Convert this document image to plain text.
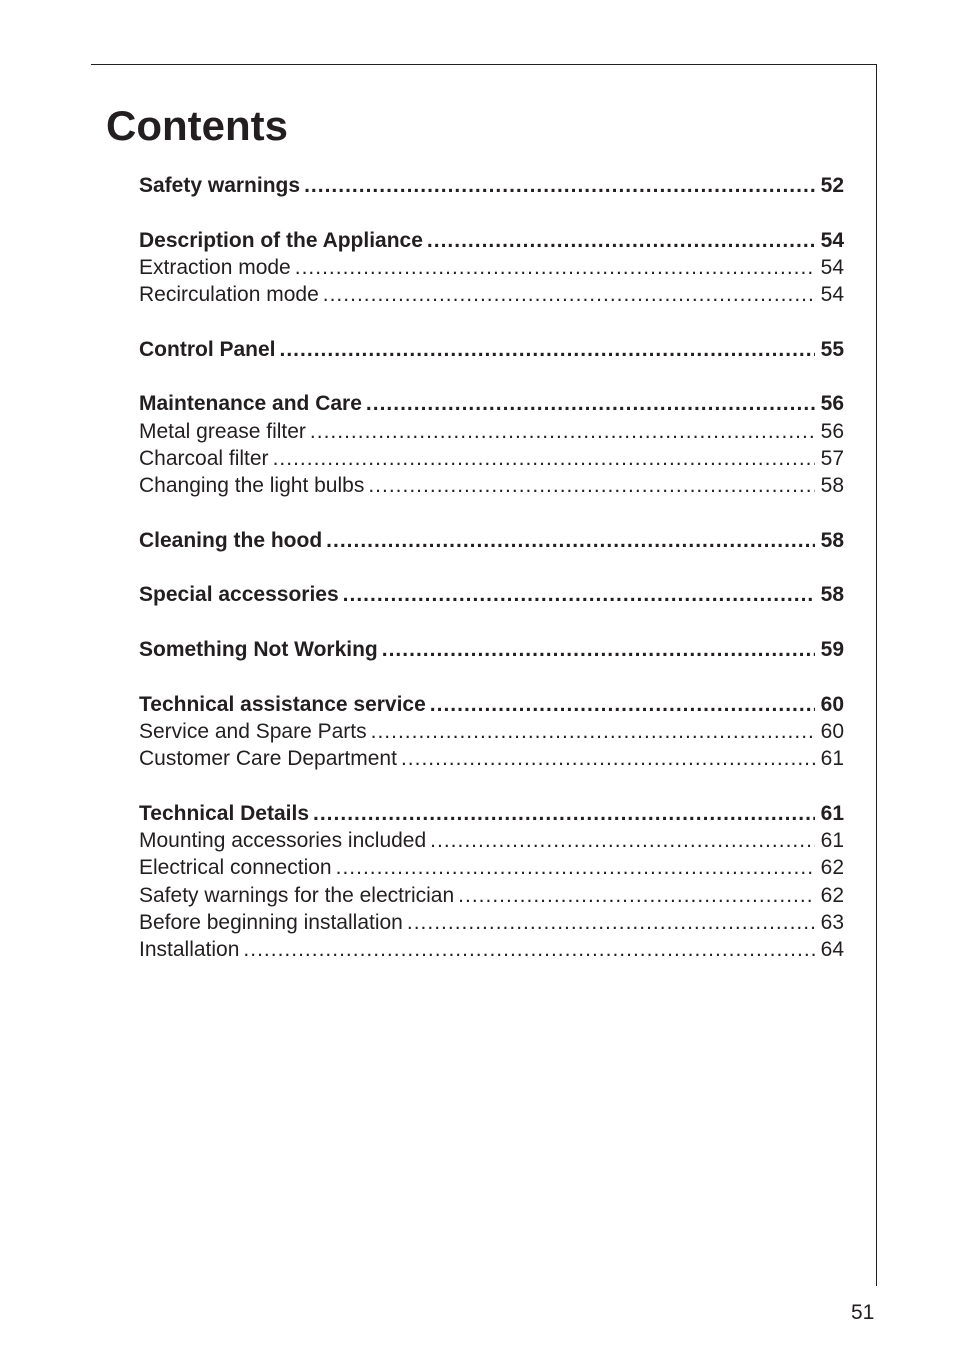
Contents
Safety warnings .....	52
Description of the Appliance .....	54
Extraction mode .....	54
Recirculation mode .....	54
Control Panel .....	55
Maintenance and Care .....	56
Metal grease filter .....	56
Charcoal filter .....	57
Changing the light bulbs .....	58
Cleaning the hood .....	58
Special accessories .....	58
Something Not Working .....	59
Technical assistance service .....	60
Service and Spare Parts .....	60
Customer Care Department .....	61
Technical Details .....	61
Mounting accessories included .....	61
Electrical connection .....	62
Safety warnings for the electrician .....	62
Before beginning installation .....	63
Installation .....	64
51
